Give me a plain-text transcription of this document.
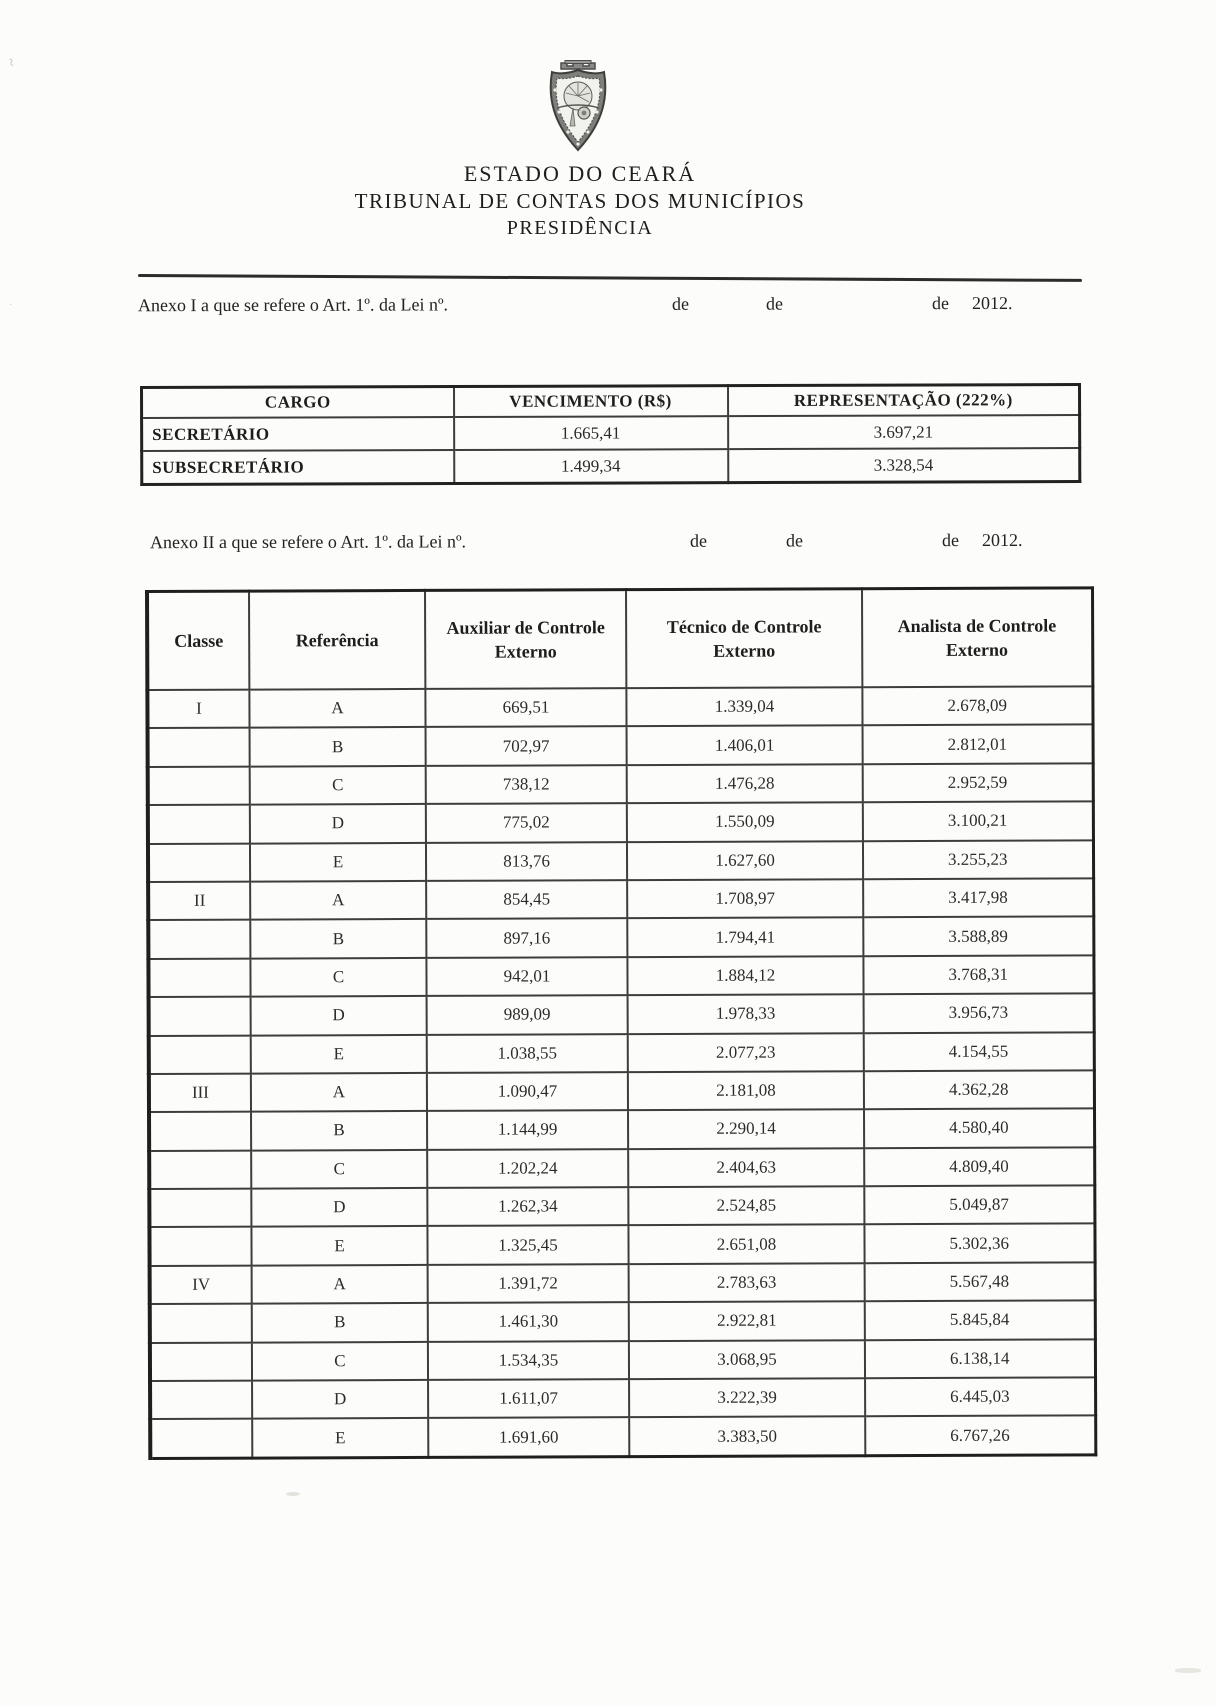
~
·
ESTADO DO CEARÁ
TRIBUNAL DE CONTAS DOS MUNICÍPIOS
PRESIDÊNCIA
Anexo I a que se refere o Art. 1º. da Lei nº.	de	de	de 2012.
CARGO	VENCIMENTO (R$)	REPRESENTAÇÃO (222%)
SECRETÁRIO	1.665,41	3.697,21
SUBSECRETÁRIO	1.499,34	3.328,54
Anexo II a que se refere o Art. 1º. da Lei nº.	de	de	de 2012.
Classe	Referência	Auxiliar de Controle Externo	Técnico de Controle Externo	Analista de Controle Externo
I	A	669,51	1.339,04	2.678,09
	B	702,97	1.406,01	2.812,01
	C	738,12	1.476,28	2.952,59
	D	775,02	1.550,09	3.100,21
	E	813,76	1.627,60	3.255,23
II	A	854,45	1.708,97	3.417,98
	B	897,16	1.794,41	3.588,89
	C	942,01	1.884,12	3.768,31
	D	989,09	1.978,33	3.956,73
	E	1.038,55	2.077,23	4.154,55
III	A	1.090,47	2.181,08	4.362,28
	B	1.144,99	2.290,14	4.580,40
	C	1.202,24	2.404,63	4.809,40
	D	1.262,34	2.524,85	5.049,87
	E	1.325,45	2.651,08	5.302,36
IV	A	1.391,72	2.783,63	5.567,48
	B	1.461,30	2.922,81	5.845,84
	C	1.534,35	3.068,95	6.138,14
	D	1.611,07	3.222,39	6.445,03
	E	1.691,60	3.383,50	6.767,26
